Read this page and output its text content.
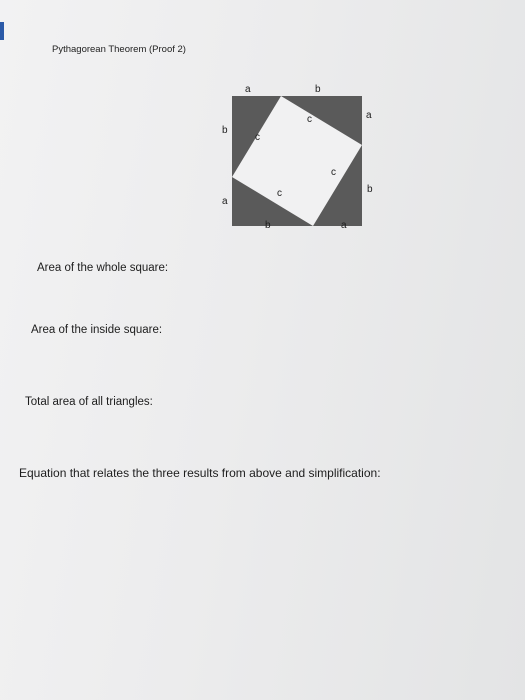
Pythagorean Theorem (Proof 2)
a	b
a
b
b	a
b
a
c
c
c
c
Area of the whole square:
Area of the inside square:
Total area of all triangles:
Equation that relates the three results from above and simplification:
